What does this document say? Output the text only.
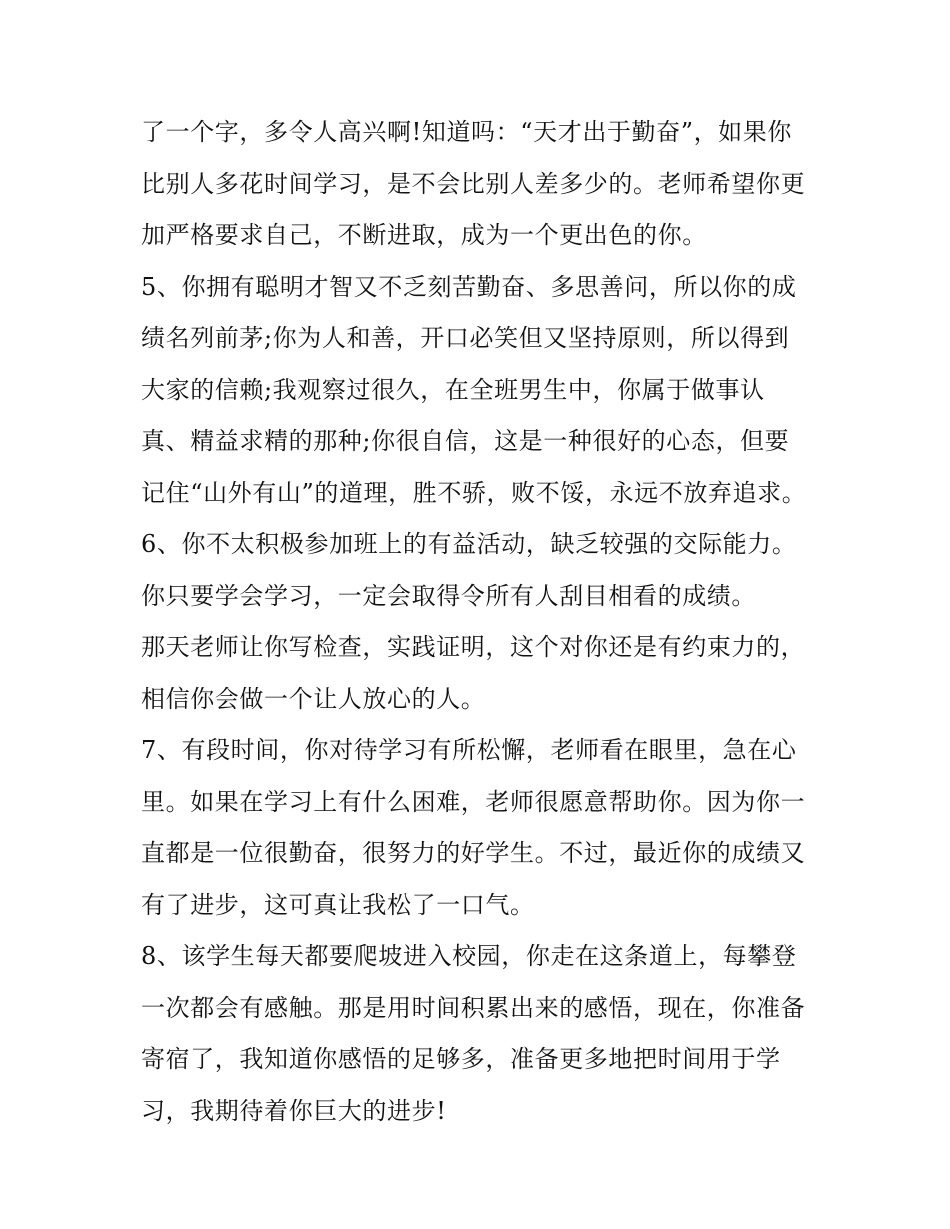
了一个字，多令人高兴啊!知道吗：“天才出于勤奋”，如果你
比别人多花时间学习，是不会比别人差多少的。老师希望你更
加严格要求自己，不断进取，成为一个更出色的你。
5、你拥有聪明才智又不乏刻苦勤奋、多思善问，所以你的成
绩名列前茅;你为人和善，开口必笑但又坚持原则，所以得到
大家的信赖;我观察过很久，在全班男生中，你属于做事认
真、精益求精的那种;你很自信，这是一种很好的心态，但要
记住“山外有山”的道理，胜不骄，败不馁，永远不放弃追求。
6、你不太积极参加班上的有益活动，缺乏较强的交际能力。
你只要学会学习，一定会取得令所有人刮目相看的成绩。
那天老师让你写检查，实践证明，这个对你还是有约束力的，
相信你会做一个让人放心的人。
7、有段时间，你对待学习有所松懈，老师看在眼里，急在心
里。如果在学习上有什么困难，老师很愿意帮助你。因为你一
直都是一位很勤奋，很努力的好学生。不过，最近你的成绩又
有了进步，这可真让我松了一口气。
8、该学生每天都要爬坡进入校园，你走在这条道上，每攀登
一次都会有感触。那是用时间积累出来的感悟，现在，你准备
寄宿了，我知道你感悟的足够多，准备更多地把时间用于学
习，我期待着你巨大的进步!
